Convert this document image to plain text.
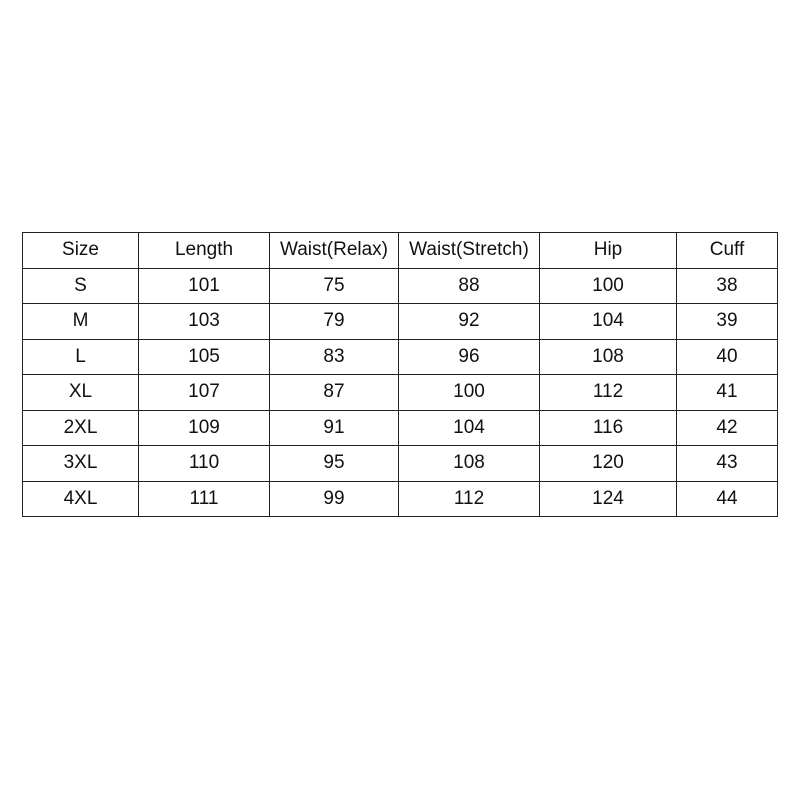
Size	Length	Waist(Relax)	Waist(Stretch)	Hip	Cuff
S	101	75	88	100	38
M	103	79	92	104	39
L	105	83	96	108	40
XL	107	87	100	112	41
2XL	109	91	104	116	42
3XL	110	95	108	120	43
4XL	111	99	112	124	44
